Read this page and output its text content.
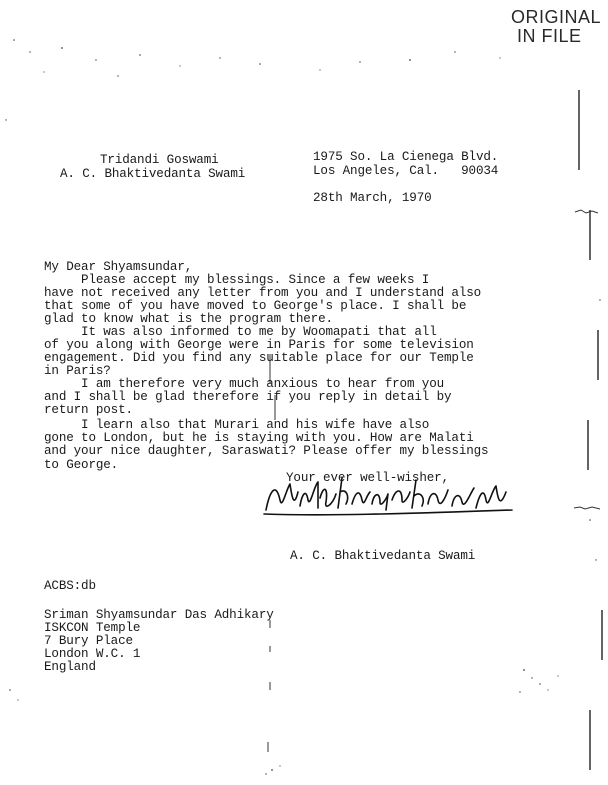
ORIGINAL
IN FILE
Tridandi Goswami
A. C. Bhaktivedanta Swami
1975 So. La Cienega Blvd.
Los Angeles, Cal.   90034
28th March, 1970
My Dear Shyamsundar,
Please accept my blessings. Since a few weeks I
have not received any letter from you and I understand also
that some of you have moved to George's place. I shall be
glad to know what is the program there.
It was also informed to me by Woomapati that all
of you along with George were in Paris for some television
engagement. Did you find any suitable place for our Temple
in Paris?
I am therefore very much anxious to hear from you
and I shall be glad therefore if you reply in detail by
return post.
I learn also that Murari and his wife have also
gone to London, but he is staying with you. How are Malati
and your nice daughter, Saraswati? Please offer my blessings
to George.
Your ever well-wisher,
A. C. Bhaktivedanta Swami
ACBS:db
Sriman Shyamsundar Das Adhikary
ISKCON Temple
7 Bury Place
London W.C. 1
England
